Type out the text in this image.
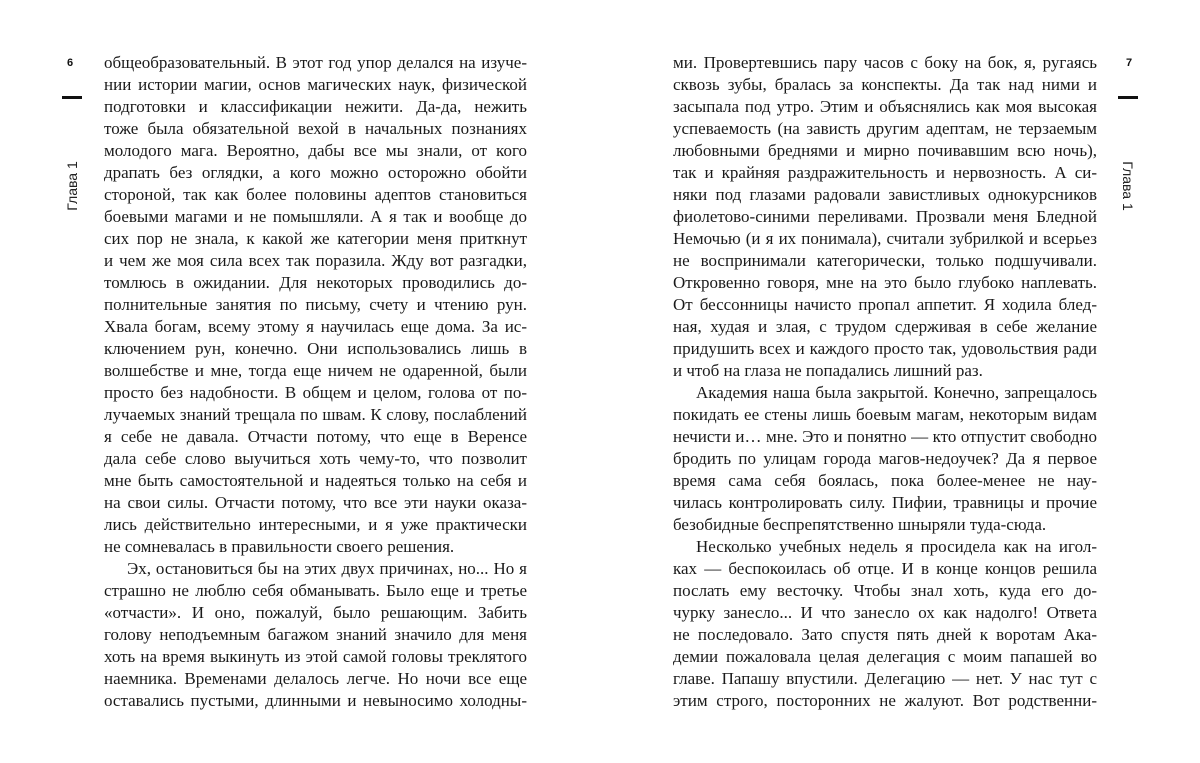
6
Глава 1
общеобразовательный. В этот год упор делался на изуче-
нии истории магии, основ магических наук, физической
подготовки и классификации нежити. Да-да, нежить
тоже была обязательной вехой в начальных познаниях
молодого мага. Вероятно, дабы все мы знали, от кого
драпать без оглядки, а кого можно осторожно обойти
стороной, так как более половины адептов становиться
боевыми магами и не помышляли. А я так и вообще до
сих пор не знала, к какой же категории меня приткнут
и чем же моя сила всех так поразила. Жду вот разгадки,
томлюсь в ожидании. Для некоторых проводились до-
полнительные занятия по письму, счету и чтению рун.
Хвала богам, всему этому я научилась еще дома. За ис-
ключением рун, конечно. Они использовались лишь в
волшебстве и мне, тогда еще ничем не одаренной, были
просто без надобности. В общем и целом, голова от по-
лучаемых знаний трещала по швам. К слову, послаблений
я себе не давала. Отчасти потому, что еще в Веренсе
дала себе слово выучиться хоть чему-то, что позволит
мне быть самостоятельной и надеяться только на себя и
на свои силы. Отчасти потому, что все эти науки оказа-
лись действительно интересными, и я уже практически
не сомневалась в правильности своего решения.
Эх, остановиться бы на этих двух причинах, но... Но я
страшно не люблю себя обманывать. Было еще и третье
«отчасти». И оно, пожалуй, было решающим. Забить
голову неподъемным багажом знаний значило для меня
хоть на время выкинуть из этой самой головы треклятого
наемника. Временами делалось легче. Но ночи все еще
оставались пустыми, длинными и невыносимо холодны-
7
Глава 1
ми. Провертевшись пару часов с боку на бок, я, ругаясь
сквозь зубы, бралась за конспекты. Да так над ними и
засыпала под утро. Этим и объяснялись как моя высокая
успеваемость (на зависть другим адептам, не терзаемым
любовными бреднями и мирно почивавшим всю ночь),
так и крайняя раздражительность и нервозность. А си-
няки под глазами радовали завистливых однокурсников
фиолетово-синими переливами. Прозвали меня Бледной
Немочью (и я их понимала), считали зубрилкой и всерьез
не воспринимали категорически, только подшучивали.
Откровенно говоря, мне на это было глубоко наплевать.
От бессонницы начисто пропал аппетит. Я ходила блед-
ная, худая и злая, с трудом сдерживая в себе желание
придушить всех и каждого просто так, удовольствия ради
и чтоб на глаза не попадались лишний раз.
Академия наша была закрытой. Конечно, запрещалось
покидать ее стены лишь боевым магам, некоторым видам
нечисти и… мне. Это и понятно — кто отпустит свободно
бродить по улицам города магов-недоучек? Да я первое
время сама себя боялась, пока более-менее не нау-
чилась контролировать силу. Пифии, травницы и прочие
безобидные беспрепятственно шныряли туда-сюда.
Несколько учебных недель я просидела как на игол-
ках — беспокоилась об отце. И в конце концов решила
послать ему весточку. Чтобы знал хоть, куда его до-
чурку занесло... И что занесло ох как надолго! Ответа
не последовало. Зато спустя пять дней к воротам Ака-
демии пожаловала целая делегация с моим папашей во
главе. Папашу впустили. Делегацию — нет. У нас тут с
этим строго, посторонних не жалуют. Вот родственни-
